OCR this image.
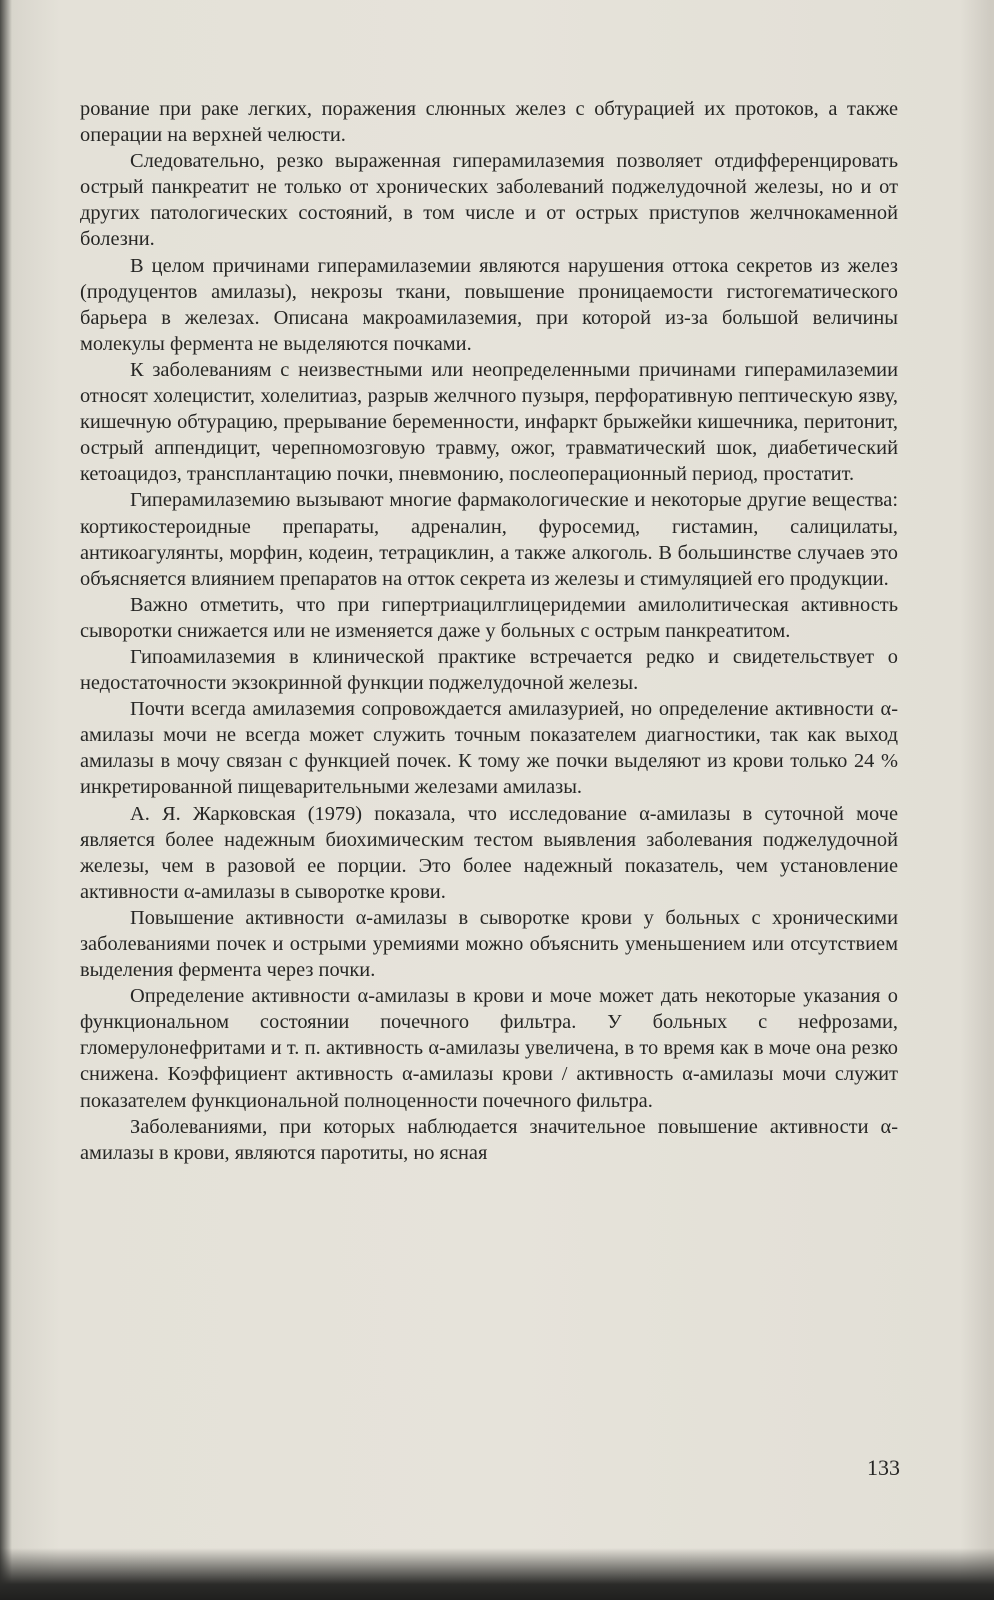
рование при раке легких, поражения слюнных желез с обтурацией их протоков, а также операции на верхней челюсти.

Следовательно, резко выраженная гиперамилаземия позволяет отдифференцировать острый панкреатит не только от хронических заболеваний поджелудочной железы, но и от других патологических состояний, в том числе и от острых приступов желчнокаменной болезни.

В целом причинами гиперамилаземии являются нарушения оттока секретов из желез (продуцентов амилазы), некрозы ткани, повышение проницаемости гистогематического барьера в железах. Описана макроамилаземия, при которой из-за большой величины молекулы фермента не выделяются почками.

К заболеваниям с неизвестными или неопределенными причинами гиперамилаземии относят холецистит, холелитиаз, разрыв желчного пузыря, перфоративную пептическую язву, кишечную обтурацию, прерывание беременности, инфаркт брыжейки кишечника, перитонит, острый аппендицит, черепномозговую травму, ожог, травматический шок, диабетический кетоацидоз, трансплантацию почки, пневмонию, послеоперационный период, простатит.

Гиперамилаземию вызывают многие фармакологические и некоторые другие вещества: кортикостероидные препараты, адреналин, фуросемид, гистамин, салицилаты, антикоагулянты, морфин, кодеин, тетрациклин, а также алкоголь. В большинстве случаев это объясняется влиянием препаратов на отток секрета из железы и стимуляцией его продукции.

Важно отметить, что при гипертриацилглицеридемии амилолитическая активность сыворотки снижается или не изменяется даже у больных с острым панкреатитом.

Гипоамилаземия в клинической практике встречается редко и свидетельствует о недостаточности экзокринной функции поджелудочной железы.

Почти всегда амилаземия сопровождается амилазурией, но определение активности α-амилазы мочи не всегда может служить точным показателем диагностики, так как выход амилазы в мочу связан с функцией почек. К тому же почки выделяют из крови только 24 % инкретированной пищеварительными железами амилазы.

А. Я. Жарковская (1979) показала, что исследование α-амилазы в суточной моче является более надежным биохимическим тестом выявления заболевания поджелудочной железы, чем в разовой ее порции. Это более надежный показатель, чем установление активности α-амилазы в сыворотке крови.

Повышение активности α-амилазы в сыворотке крови у больных с хроническими заболеваниями почек и острыми уремиями можно объяснить уменьшением или отсутствием выделения фермента через почки.

Определение активности α-амилазы в крови и моче может дать некоторые указания о функциональном состоянии почечного фильтра. У больных с нефрозами, гломерулонефритами и т. п. активность α-амилазы увеличена, в то время как в моче она резко снижена. Коэффициент активность α-амилазы крови / активность α-амилазы мочи служит показателем функциональной полноценности почечного фильтра.

Заболеваниями, при которых наблюдается значительное повышение активности α-амилазы в крови, являются паротиты, но ясная

133
